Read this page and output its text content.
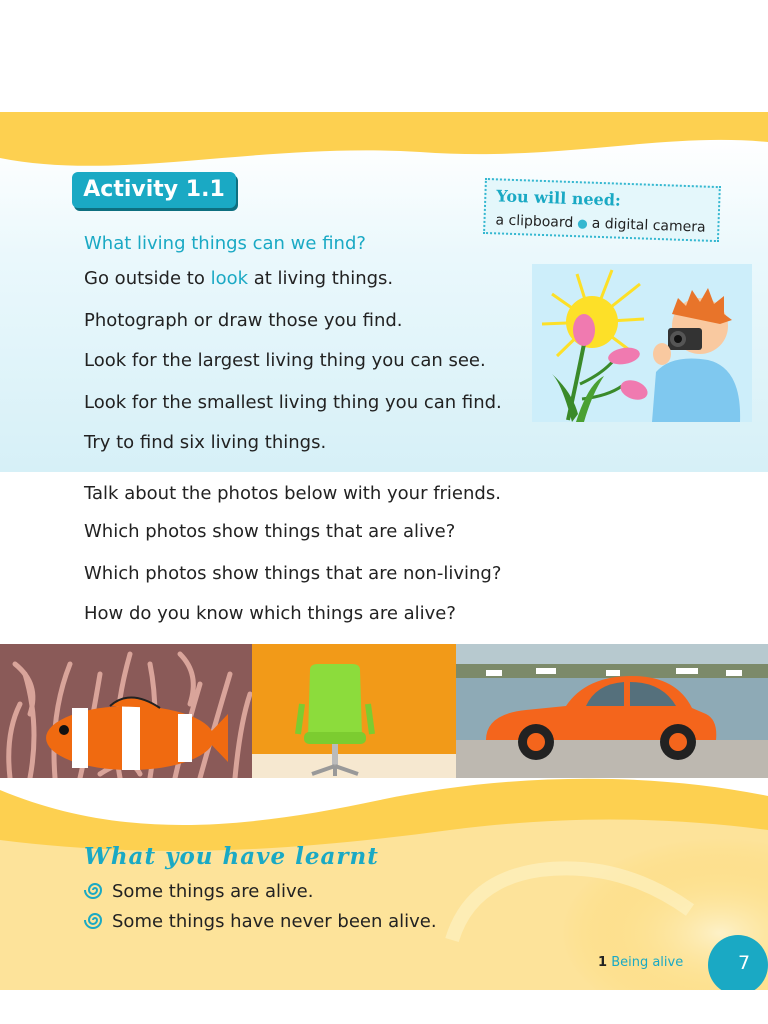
Activity 1.1	You will need:
a clipboard ● a digital camera
What living things can we find?
Go outside to look at living things.
Photograph or draw those you find.
Look for the largest living thing you can see.
Look for the smallest living thing you can find.
Try to find six living things.
Talk about the photos below with your friends.
Which photos show things that are alive?
Which photos show things that are non-living?
How do you know which things are alive?
What you have learnt
Some things are alive.
Some things have never been alive.
1 Being alive	7
